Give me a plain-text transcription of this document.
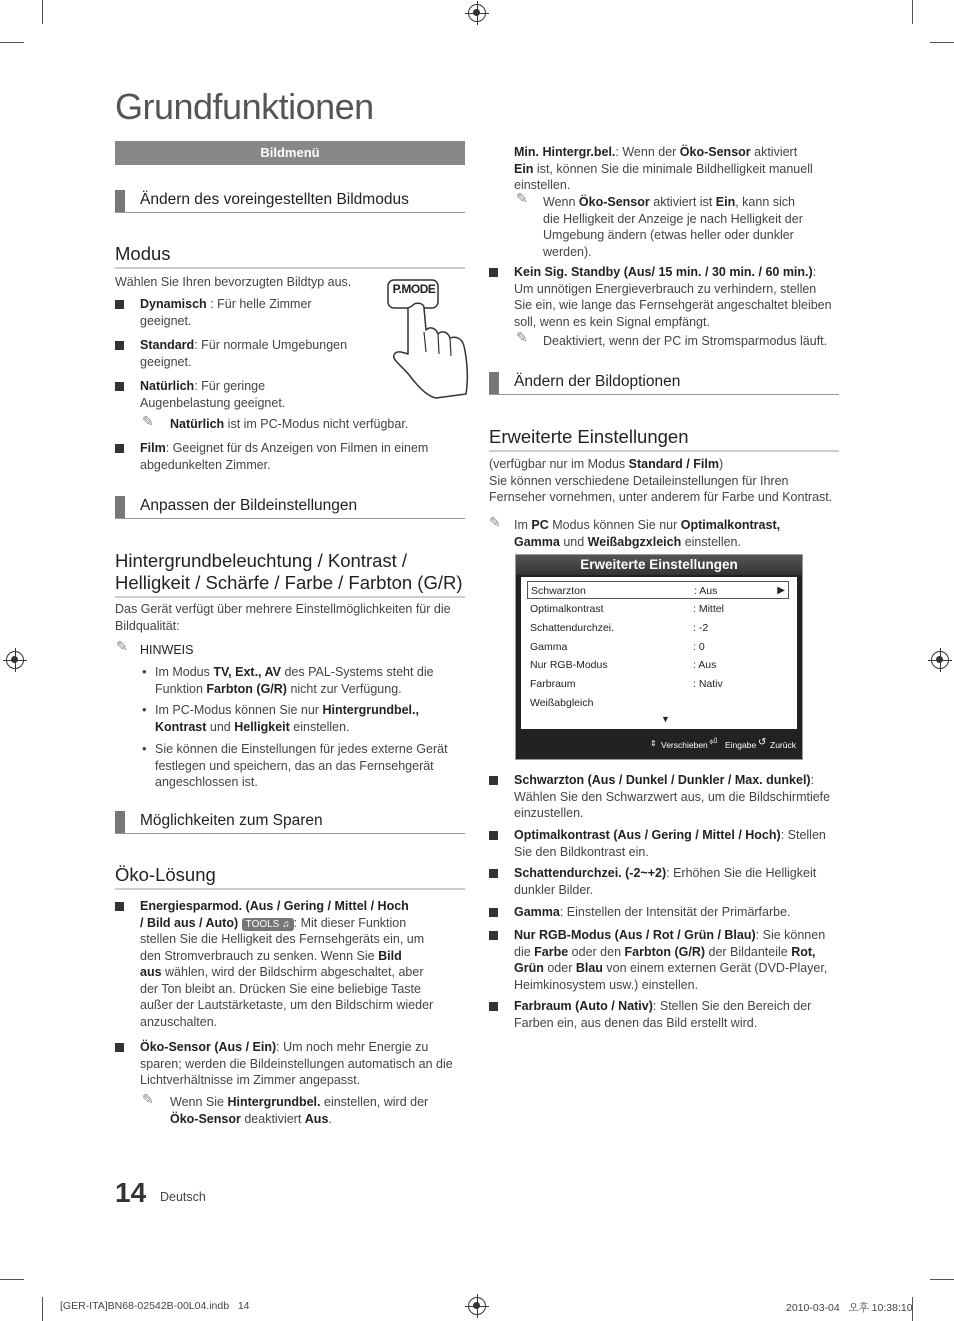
Grundfunktionen
Bildmenü
Ändern des voreingestellten Bildmodus
Modus
Wählen Sie Ihren bevorzugten Bildtyp aus.	P.MODE
Dynamisch : Für helle Zimmer
geeignet.
Standard: Für normale Umgebungen
geeignet.
Natürlich: Für geringe
Augenbelastung geeignet.
✎ Natürlich ist im PC-Modus nicht verfügbar.
Film: Geeignet für ds Anzeigen von Filmen in einem
abgedunkelten Zimmer.
Anpassen der Bildeinstellungen
Hintergrundbeleuchtung / Kontrast /
Helligkeit / Schärfe / Farbe / Farbton (G/R)
Das Gerät verfügt über mehrere Einstellmöglichkeiten für die
Bildqualität:
✎ HINWEIS
• Im Modus TV, Ext., AV des PAL-Systems steht die
Funktion Farbton (G/R) nicht zur Verfügung.
• Im PC-Modus können Sie nur Hintergrundbel.,
Kontrast und Helligkeit einstellen.
• Sie können die Einstellungen für jedes externe Gerät
festlegen und speichern, das an das Fernsehgerät
angeschlossen ist.
Möglichkeiten zum Sparen
Öko-Lösung
Energiesparmod. (Aus / Gering / Mittel / Hoch
/ Bild aus / Auto) TOOLS ♫ : Mit dieser Funktion
stellen Sie die Helligkeit des Fernsehgeräts ein, um
den Stromverbrauch zu senken. Wenn Sie Bild
aus wählen, wird der Bildschirm abgeschaltet, aber
der Ton bleibt an. Drücken Sie eine beliebige Taste
außer der Lautstärketaste, um den Bildschirm wieder
anzuschalten.
Öko-Sensor (Aus / Ein): Um noch mehr Energie zu
sparen; werden die Bildeinstellungen automatisch an die
Lichtverhältnisse im Zimmer angepasst.
✎ Wenn Sie Hintergrundbel. einstellen, wird der
Öko-Sensor deaktiviert Aus.
Min. Hintergr.bel.: Wenn der Öko-Sensor aktiviert
Ein ist, können Sie die minimale Bildhelligkeit manuell
einstellen.
✎ Wenn Öko-Sensor aktiviert ist Ein, kann sich
die Helligkeit der Anzeige je nach Helligkeit der
Umgebung ändern (etwas heller oder dunkler
werden).
Kein Sig. Standby (Aus/ 15 min. / 30 min. / 60 min.):
Um unnötigen Energieverbrauch zu verhindern, stellen
Sie ein, wie lange das Fernsehgerät angeschaltet bleiben
soll, wenn es kein Signal empfängt.
✎ Deaktiviert, wenn der PC im Stromsparmodus läuft.
Ändern der Bildoptionen
Erweiterte Einstellungen
(verfügbar nur im Modus Standard / Film)
Sie können verschiedene Detaileinstellungen für Ihren
Fernseher vornehmen, unter anderem für Farbe und Kontrast.
✎ Im PC Modus können Sie nur Optimalkontrast,
Gamma und Weißabgzxleich einstellen.
Erweiterte Einstellungen
Schwarzton	: Aus	▶
Optimalkontrast	: Mittel
Schattendurchzei.	: -2
Gamma	: 0
Nur RGB-Modus	: Aus
Farbraum	: Nativ
Weißabgleich
▼
⇕ Verschieben ⏎ Eingabe ↺ Zurück
Schwarzton (Aus / Dunkel / Dunkler / Max. dunkel):
Wählen Sie den Schwarzwert aus, um die Bildschirmtiefe
einzustellen.
Optimalkontrast (Aus / Gering / Mittel / Hoch): Stellen
Sie den Bildkontrast ein.
Schattendurchzei. (-2~+2): Erhöhen Sie die Helligkeit
dunkler Bilder.
Gamma: Einstellen der Intensität der Primärfarbe.
Nur RGB-Modus (Aus / Rot / Grün / Blau): Sie können
die Farbe oder den Farbton (G/R) der Bildanteile Rot,
Grün oder Blau von einem externen Gerät (DVD-Player,
Heimkinosystem usw.) einstellen.
Farbraum (Auto / Nativ): Stellen Sie den Bereich der
Farben ein, aus denen das Bild erstellt wird.
14 Deutsch
[GER-ITA]BN68-02542B-00L04.indb   14	2010-03-04   오후 10:38:10
